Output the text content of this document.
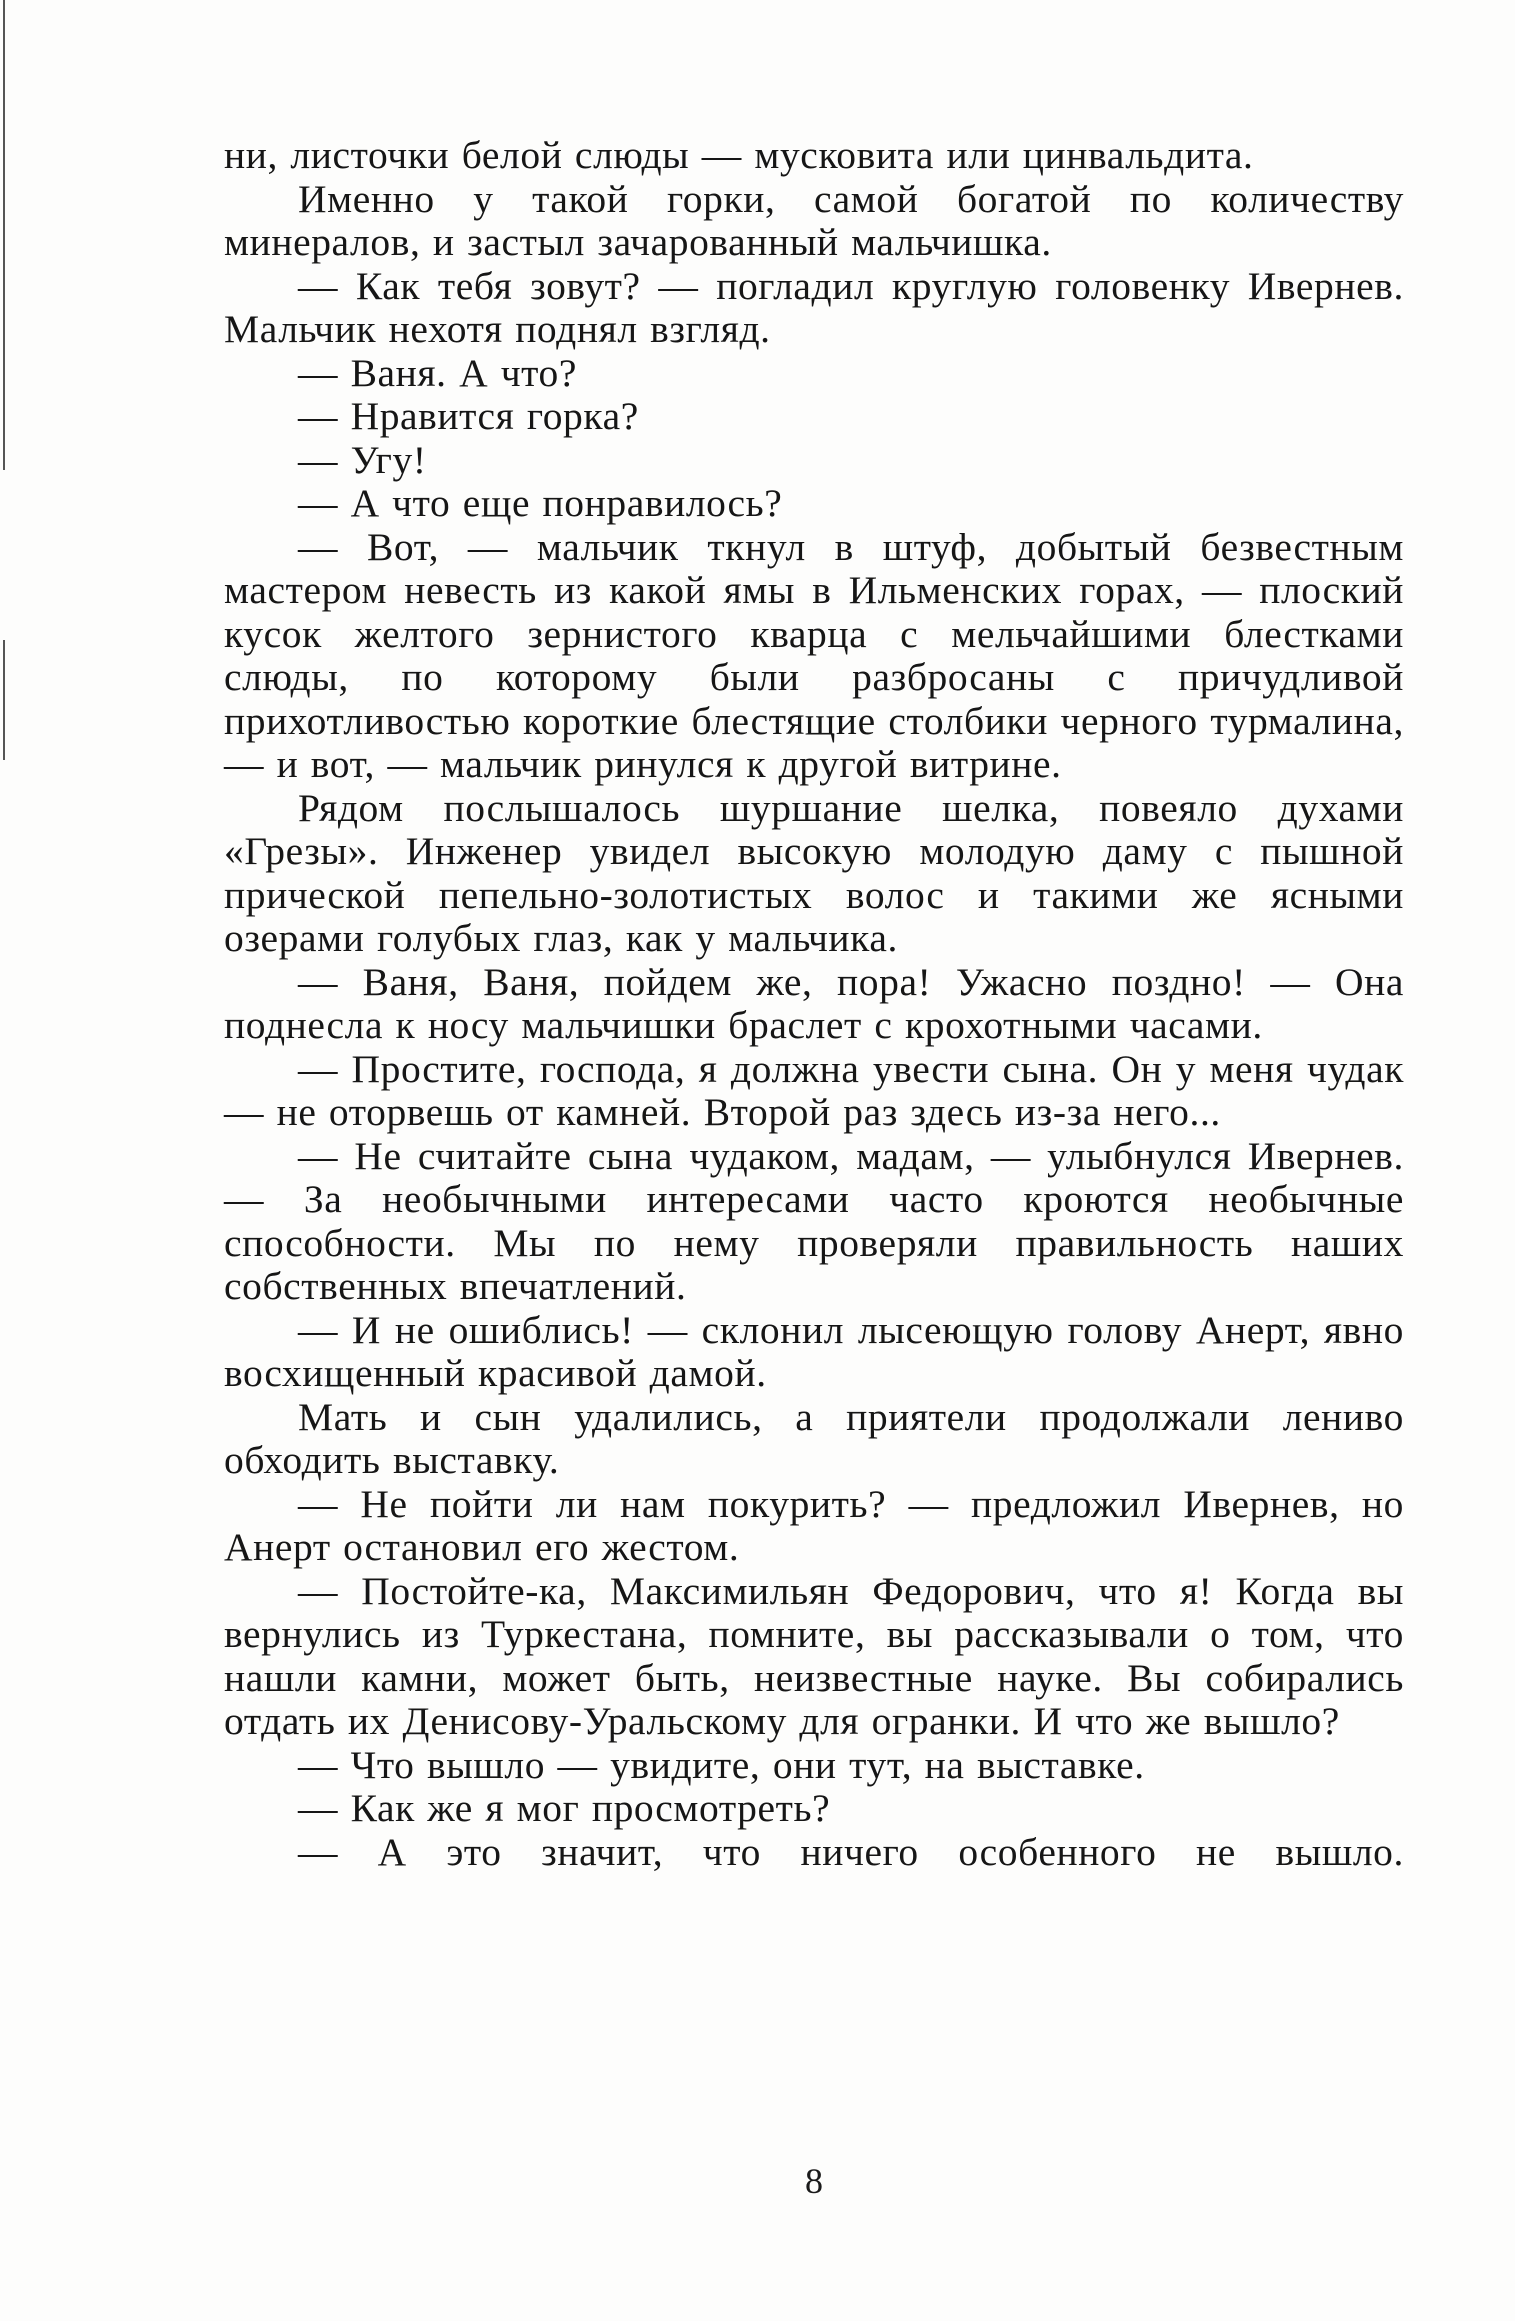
ни, листочки белой слюды — мусковита или цинвальдита.

Именно у такой горки, самой богатой по количеству минералов, и застыл зачарованный мальчишка.

— Как тебя зовут? — погладил круглую головенку Ивернев. Мальчик нехотя поднял взгляд.

— Ваня. А что?

— Нравится горка?

— Угу!

— А что еще понравилось?

— Вот, — мальчик ткнул в штуф, добытый безвестным мастером невесть из какой ямы в Ильменских горах, — плоский кусок желтого зернистого кварца с мельчайшими блестками слюды, по которому были разбросаны с причудливой прихотливостью короткие блестящие столбики черного турмалина, — и вот, — мальчик ринулся к другой витрине.

Рядом послышалось шуршание шелка, повеяло духами «Грезы». Инженер увидел высокую молодую даму с пышной прической пепельно-золотистых волос и такими же ясными озерами голубых глаз, как у мальчика.

— Ваня, Ваня, пойдем же, пора! Ужасно поздно! — Она поднесла к носу мальчишки браслет с крохотными часами.

— Простите, господа, я должна увести сына. Он у меня чудак — не оторвешь от камней. Второй раз здесь из-за него...

— Не считайте сына чудаком, мадам, — улыбнулся Ивернев. — За необычными интересами часто кроются необычные способности. Мы по нему проверяли правильность наших собственных впечатлений.

— И не ошиблись! — склонил лысеющую голову Анерт, явно восхищенный красивой дамой.

Мать и сын удалились, а приятели продолжали лениво обходить выставку.

— Не пойти ли нам покурить? — предложил Ивернев, но Анерт остановил его жестом.

— Постойте-ка, Максимильян Федорович, что я! Когда вы вернулись из Туркестана, помните, вы рассказывали о том, что нашли камни, может быть, неизвестные науке. Вы собирались отдать их Денисову-Уральскому для огранки. И что же вышло?

— Что вышло — увидите, они тут, на выставке.

— Как же я мог просмотреть?

— А это значит, что ничего особенного не вышло.

8
